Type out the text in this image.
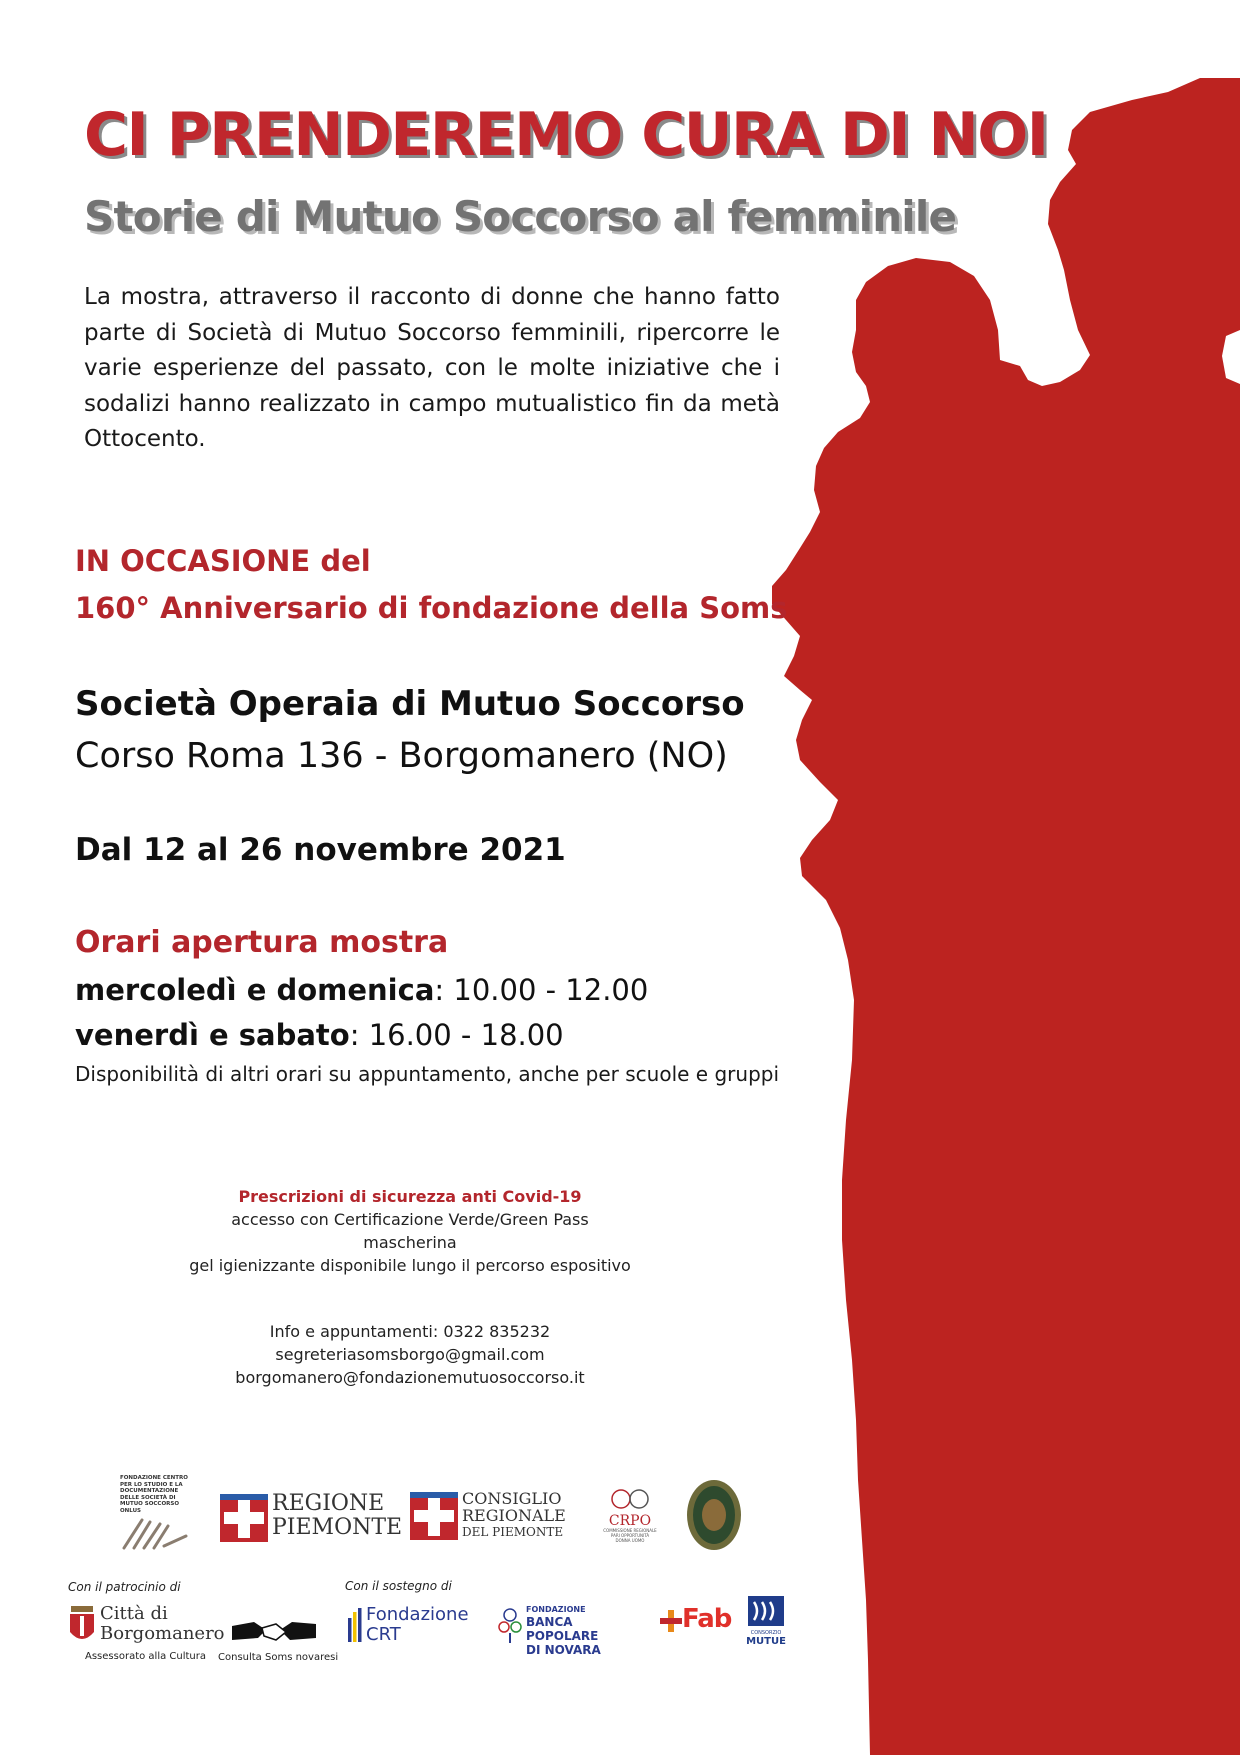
CI PRENDEREMO CURA DI NOI
Storie di Mutuo Soccorso al femminile

La mostra, attraverso il racconto di donne che hanno fatto parte di Società di Mutuo Soccorso femminili, ripercorre le varie esperienze del passato, con le molte iniziative che i sodalizi hanno realizzato in campo mutualistico fin da metà Ottocento.

IN OCCASIONE del
160° Anniversario di fondazione della Soms
Società Operaia di Mutuo Soccorso
Corso Roma 136 - Borgomanero (NO)
Dal 12 al 26 novembre 2021
Orari apertura mostra
mercoledì e domenica: 10.00 - 12.00
venerdì e sabato: 16.00 - 18.00
Disponibilità di altri orari su appuntamento, anche per scuole e gruppi
Prescrizioni di sicurezza anti Covid-19
accesso con Certificazione Verde/Green Pass
mascherina
gel igienizzante disponibile lungo il percorso espositivo
Info e appuntamenti: 0322 835232
segreteriasomsborgo@gmail.com
borgomanero@fondazionemutuosoccorso.it
FONDAZIONE CENTRO
PER LO STUDIO E LA
DOCUMENTAZIONE
DELLE SOCIETÀ DI
MUTUO SOCCORSO
ONLUS	REGIONE
PIEMONTE
CONSIGLIO
REGIONALE
DEL PIEMONTE
CRPO
COMMISSIONE REGIONALE
PARI OPPORTUNITÀ
DONNA UOMO
Con il patrocinio di	Con il sostegno di
Città di
Borgomanero
Assessorato alla Cultura Consulta Soms novaresi
Fondazione
CRT
FONDAZIONE
BANCA POPOLARE
DI NOVARA
Fab	CONSORZIO
MUTUE
